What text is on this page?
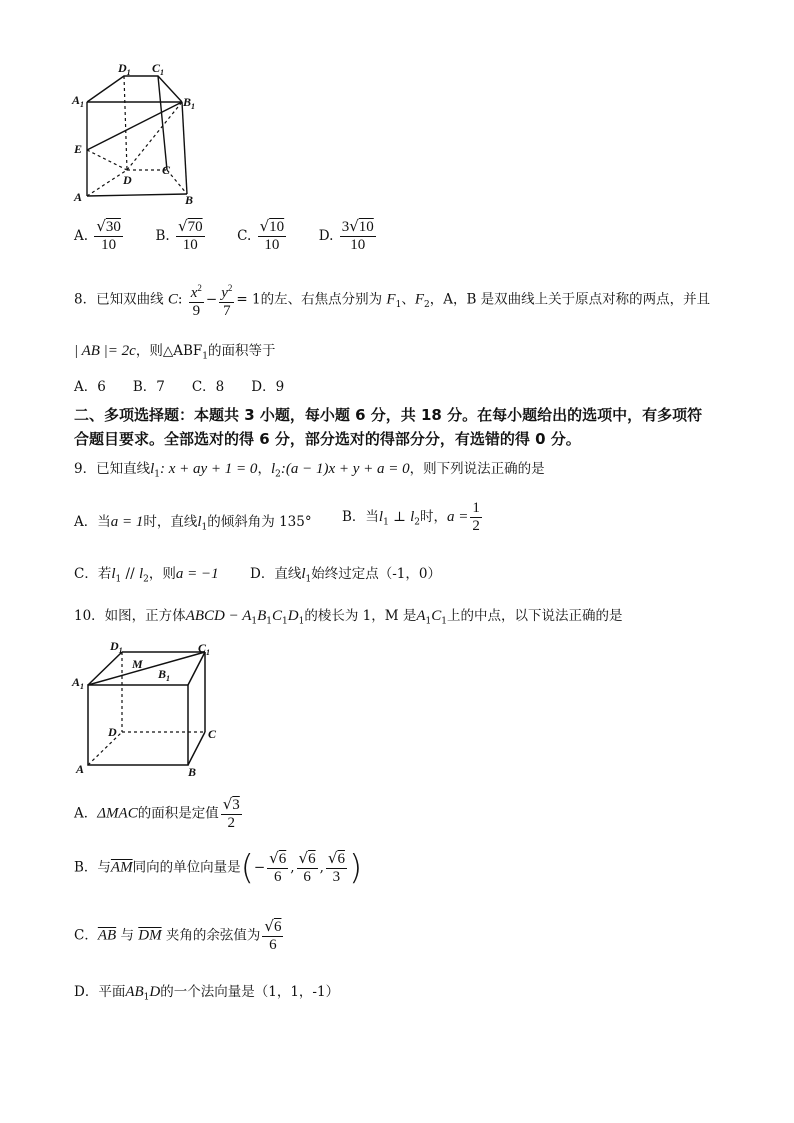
$D_1$ $C_1$
$A_1$	$B_1$
E
D
C
A	B
A. $\frac{√30}{10} B$. $\frac{√70}{10} C$. $\frac{√10}{10} D$. $\frac{3√10}{10}$
8．已知双曲线 C: $\frac{x^2}{9} - \frac{y^2}{7} = 1$的左、右焦点分别为 $F_1$、$F_2$，A，B 是双曲线上关于原点对称的两点，并且
| AB |= 2c，则$\triangle ABF_1$的面积等于
A．6　　B．7　　C．8　　D．9
二、多项选择题：本题共 3 小题，每小题 6 分，共 18 分。在每小题给出的选项中，有多项符
合题目要求。全部选对的得 6 分，部分选对的得部分分，有选错的得 0 分。
9．已知直线$l_1$: x + ay + 1 = 0，$l_2:(a - 1)x + y + a = 0$，则下列说法正确的是
A．当a = 1时，直线$l_1$的倾斜角为 135° B．当$l_1$ ⊥ $l_2$时，$a = \frac{1}{2}$
C．若$l_1 // l_2$，则a = −1 D．直线$l_1$始终过定点（-1，0）
10．如图，正方体ABCD − $A_1B_1C_1D_1$的棱长为 1，M 是$A_1C_1$上的中点，以下说法正确的是
$D_1$	$C_1$
M
$A_1$
$B_1$
D	C
A	B
A．ΔMAC的面积是定值 $\frac{√3}{2}$
B．与$\overline{AM}$同向的单位向量是(− $\frac{√6}{6}$ , $\frac{√6}{6}$ , $\frac{√6}{3}$ )
C．$\overline{AB}$ 与 $\overline{DM}$ 夹角的余弦值为 $\frac{√6}{6}$
D．平面$AB_1D$的一个法向量是（1，1，-1）
